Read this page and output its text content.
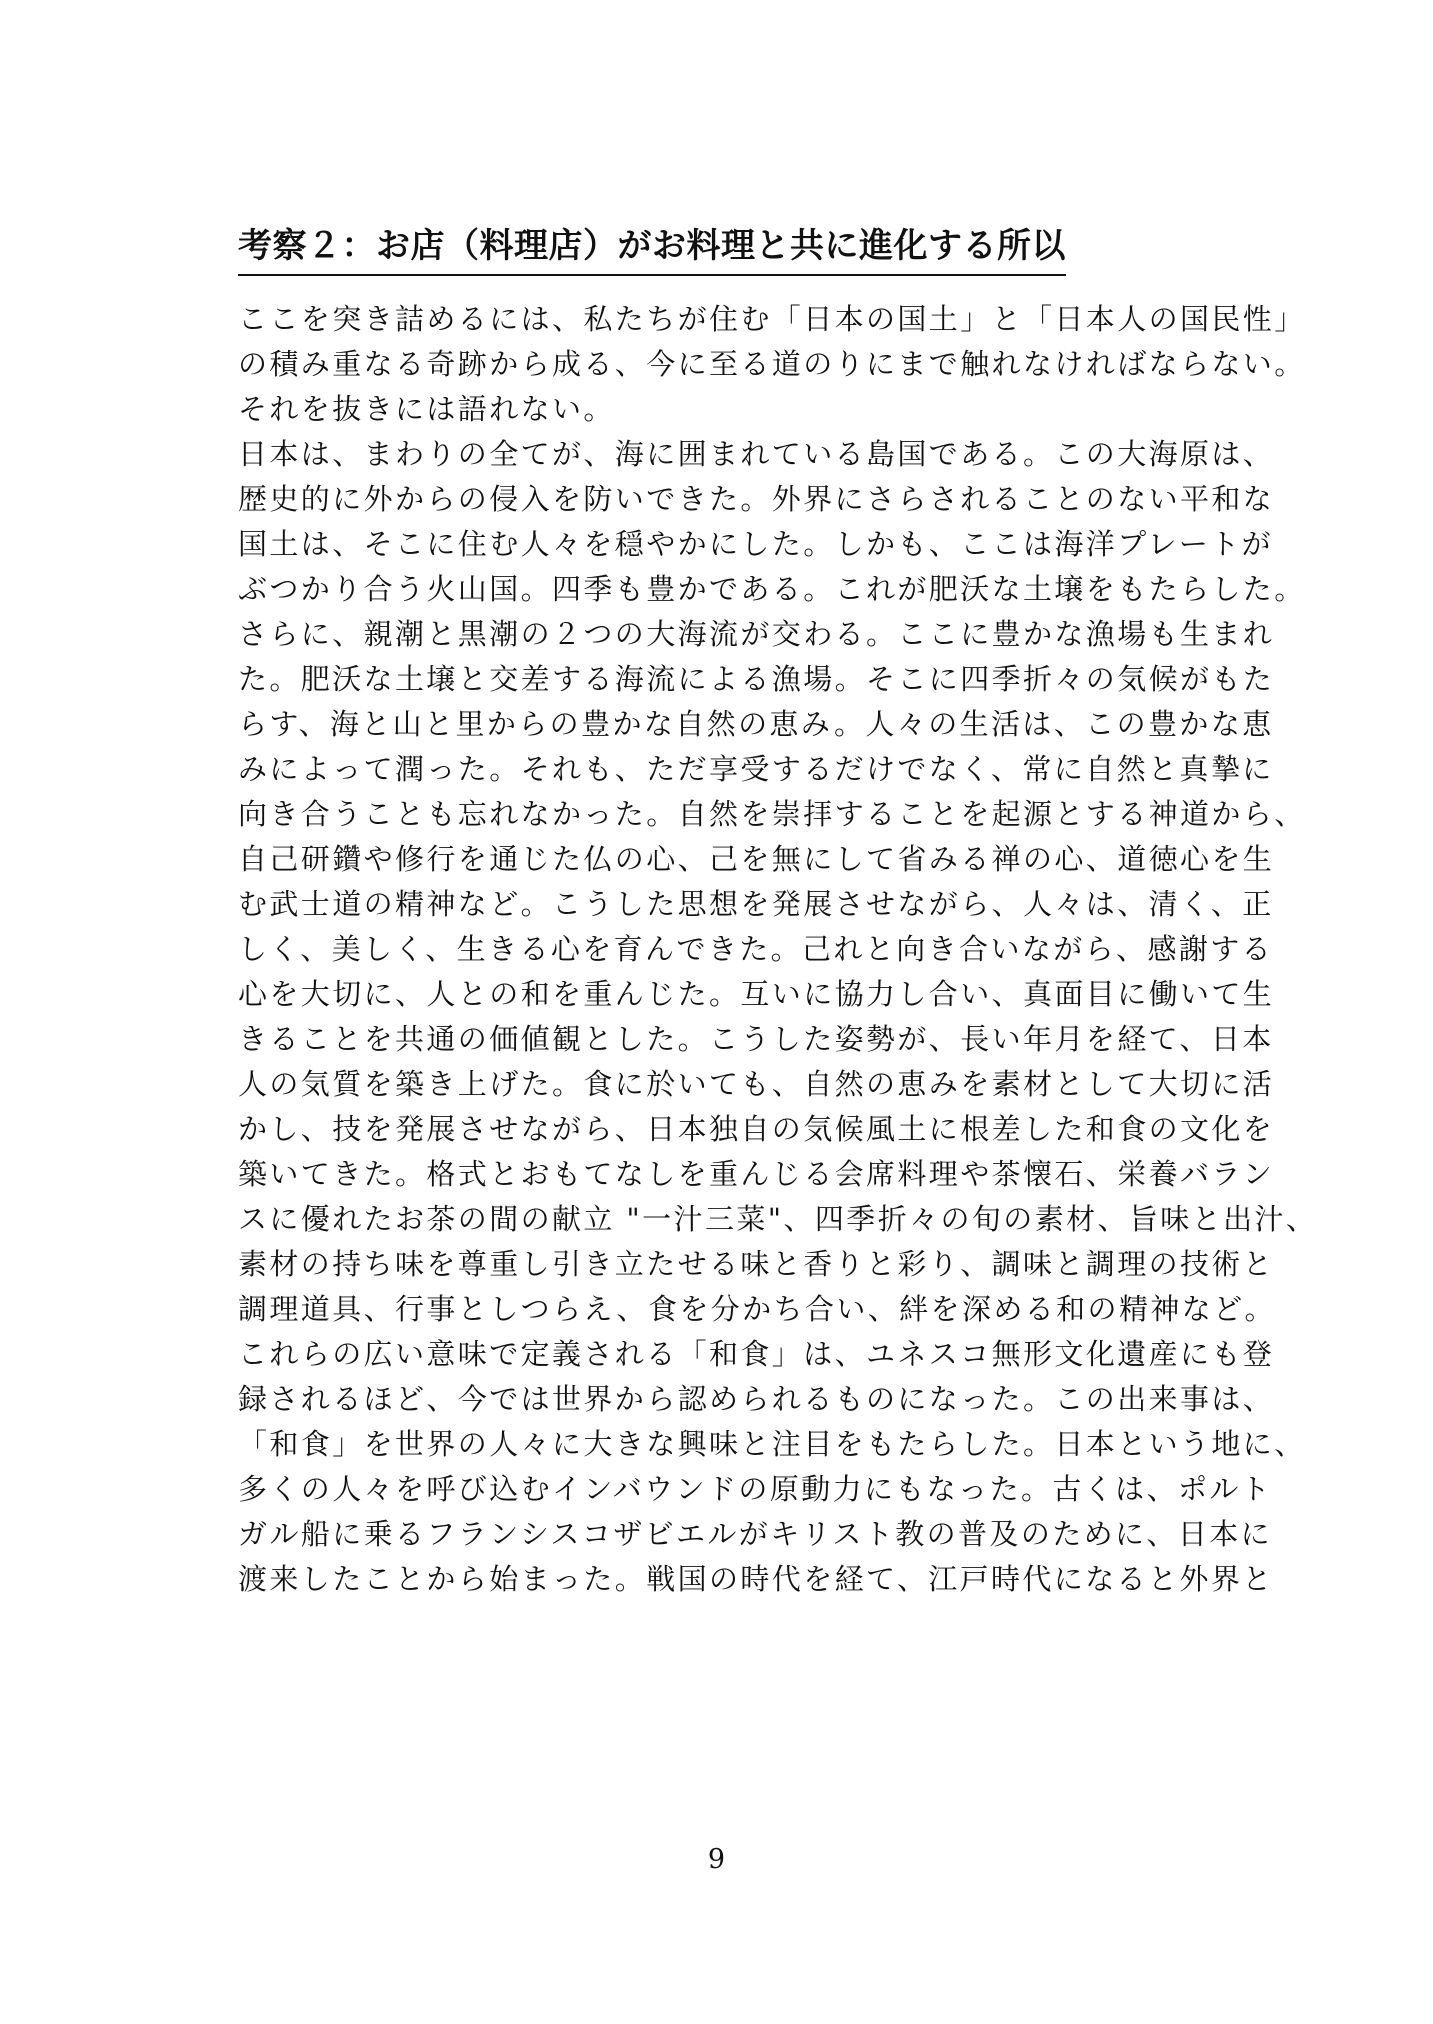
考察２：お店（料理店）がお料理と共に進化する所以
ここを突き詰めるには、私たちが住む「日本の国土」と「日本人の国民性」
の積み重なる奇跡から成る、今に至る道のりにまで触れなければならない。
それを抜きには語れない。
日本は、まわりの全てが、海に囲まれている島国である。この大海原は、
歴史的に外からの侵入を防いできた。外界にさらされることのない平和な
国土は、そこに住む人々を穏やかにした。しかも、ここは海洋プレートが
ぶつかり合う火山国。四季も豊かである。これが肥沃な土壌をもたらした。
さらに、親潮と黒潮の２つの大海流が交わる。ここに豊かな漁場も生まれ
た。肥沃な土壌と交差する海流による漁場。そこに四季折々の気候がもた
らす、海と山と里からの豊かな自然の恵み。人々の生活は、この豊かな恵
みによって潤った。それも、ただ享受するだけでなく、常に自然と真摯に
向き合うことも忘れなかった。自然を崇拝することを起源とする神道から、
自己研鑽や修行を通じた仏の心、己を無にして省みる禅の心、道徳心を生
む武士道の精神など。こうした思想を発展させながら、人々は、清く、正
しく、美しく、生きる心を育んできた。己れと向き合いながら、感謝する
心を大切に、人との和を重んじた。互いに協力し合い、真面目に働いて生
きることを共通の価値観とした。こうした姿勢が、長い年月を経て、日本
人の気質を築き上げた。食に於いても、自然の恵みを素材として大切に活
かし、技を発展させながら、日本独自の気候風土に根差した和食の文化を
築いてきた。格式とおもてなしを重んじる会席料理や茶懐石、栄養バラン
スに優れたお茶の間の献立 "一汁三菜"、四季折々の旬の素材、旨味と出汁、
素材の持ち味を尊重し引き立たせる味と香りと彩り、調味と調理の技術と
調理道具、行事としつらえ、食を分かち合い、絆を深める和の精神など。
これらの広い意味で定義される「和食」は、ユネスコ無形文化遺産にも登
録されるほど、今では世界から認められるものになった。この出来事は、
「和食」を世界の人々に大きな興味と注目をもたらした。日本という地に、
多くの人々を呼び込むインバウンドの原動力にもなった。古くは、ポルト
ガル船に乗るフランシスコザビエルがキリスト教の普及のために、日本に
渡来したことから始まった。戦国の時代を経て、江戸時代になると外界と
9
